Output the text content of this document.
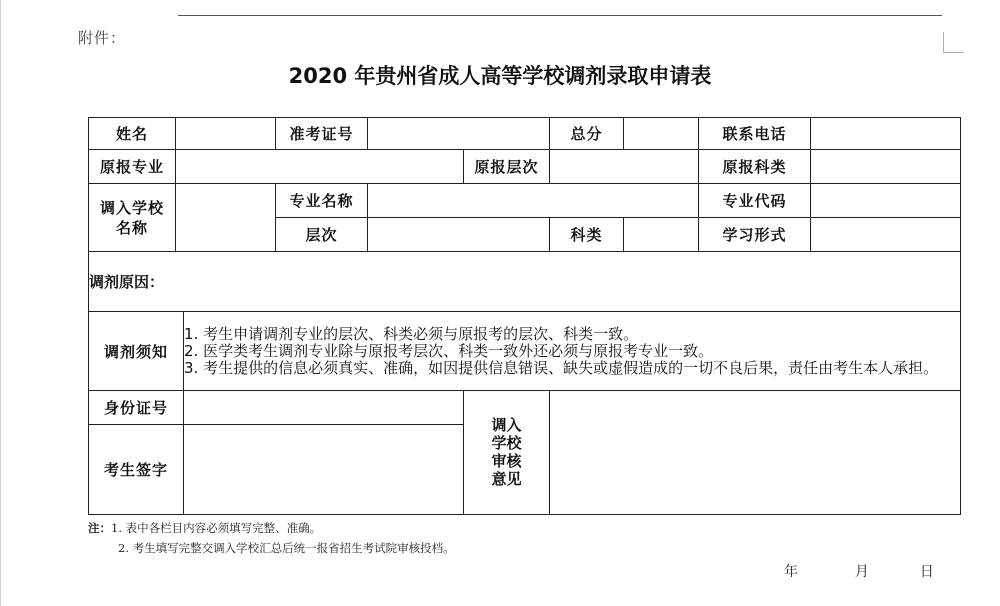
附件：
2020 年贵州省成人高等学校调剂录取申请表
姓名			准考证号			总分		联系电话	
原报专业					原报层次			原报科类	

调入学校
名称			专业名称					专业代码	
			层次			科类		学习形式	
调剂原因：									
调剂须知		1. 考生申请调剂专业的层次、科类必须与原报考的层次、科类一致。
2. 医学类考生调剂专业除与原报考层次、科类一致外还必须与原报考专业一致。
3. 考生提供的信息必须真实、准确，如因提供信息错误、缺失或虚假造成的一切不良后果，责任由考生本人承担。							

身份证号					调入
学校
审核
意见				

考生签字									
注：1. 表中各栏目内容必须填写完整、准确。
2. 考生填写完整交调入学校汇总后统一报省招生考试院审核投档。
年	月	日
